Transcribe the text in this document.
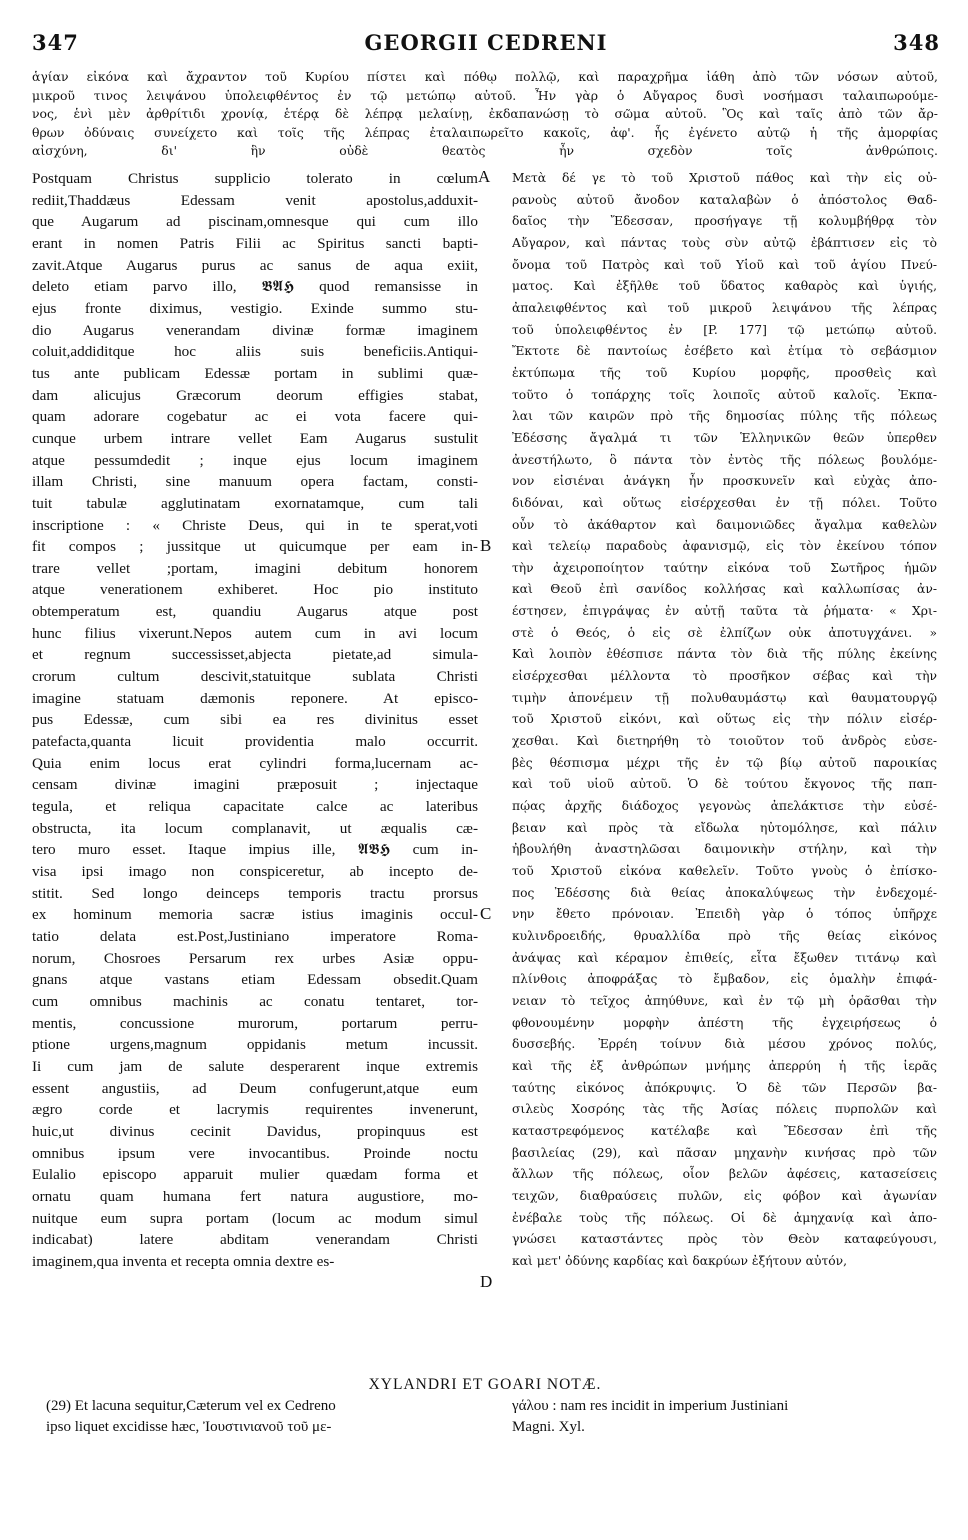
GEORGII CEDRENI
347	348
ἁγίαν εἰκόνα καὶ ἄχραντον τοῦ Κυρίου πίστει καὶ πόθῳ πολλῷ, καὶ παραχρῆμα ἰάθη ἀπὸ τῶν νόσων αὐτοῦ,
μικροῦ τινος λειψάνου ὑπολειφθέντος ἐν τῷ μετώπῳ αὐτοῦ. Ἦν γὰρ ὁ Αὔγαρος δυσὶ νοσήμασι ταλαιπωρούμε-
νος, ἑνὶ μὲν ἀρθρίτιδι χρονίᾳ, ἑτέρᾳ δὲ λέπρᾳ μελαίνῃ, ἐκδαπανώσῃ τὸ σῶμα αὐτοῦ. Ὃς καὶ ταῖς ἀπὸ τῶν ἄρ-
θρων ὀδύναις συνείχετο καὶ τοῖς τῆς λέπρας ἐταλαιπωρεῖτο κακοῖς, ἀφ'. ἧς ἐγένετο αὐτῷ ἡ τῆς ἀμορφίας
αἰσχύνη, δι' ἣν οὐδὲ θεατὸς ἦν σχεδὸν τοῖς ἀνθρώποις.
Postquam Christus supplicio tolerato in cœlum
rediit,Thaddæus Edessam venit apostolus,adduxit-
que Augarum ad piscinam,omnesque qui cum illo
erant in nomen Patris Filii ac Spiritus sancti bapti-
zavit.Atque Augarus purus ac sanus de aqua exiit,
deleto etiam parvo illo, 𝕭𝕬𝕳 quod remansisse in
ejus fronte diximus, vestigio. Exinde summo stu-
dio Augarus venerandam divinæ formæ imaginem
coluit,addiditque hoc aliis suis beneficiis.Antiqui-
tus ante publicam Edessæ portam in sublimi quæ-
dam alicujus Græcorum deorum effigies stabat,
quam adorare cogebatur ac ei vota facere qui-
cunque urbem intrare vellet Eam Augarus sustulit
atque pessumdedit ; inque ejus locum imaginem
illam Christi, sine manuum opera factam, consti-
tuit tabulæ agglutinatam exornatamque, cum tali
inscriptione : « Christe Deus, qui in te sperat,voti
fit compos ; jussitque ut quicumque per eam in-
trare vellet ;portam, imagini debitum honorem
atque venerationem exhiberet. Hoc pio instituto
obtemperatum est, quandiu Augarus atque post
hunc filius vixerunt.Nepos autem cum in avi locum
et regnum successisset,abjecta pietate,ad simula-
crorum cultum descivit,statuitque sublata Christi
imagine statuam dæmonis reponere. At episco-
pus Edessæ, cum sibi ea res divinitus esset
patefacta,quanta licuit providentia malo occurrit.
Quia enim locus erat cylindri forma,lucernam ac-
censam divinæ imagini præposuit ; injectaque
tegula, et reliqua capacitate calce ac lateribus
obstructa, ita locum complanavit, ut æqualis cæ-
tero muro esset. Itaque impius ille, 𝕬𝕭𝕳 cum in-
visa ipsi imago non conspiceretur, ab incepto de-
stitit. Sed longo deinceps temporis tractu prorsus
ex hominum memoria sacræ istius imaginis occul-
tatio delata est.Post,Justiniano imperatore Roma-
norum, Chosroes Persarum rex urbes Asiæ oppu-
gnans atque vastans etiam Edessam obsedit.Quam
cum omnibus machinis ac conatu tentaret, tor-
mentis, concussione murorum, portarum perru-
ptione urgens,magnum oppidanis metum incussit.
Ii cum jam de salute desperarent inque extremis
essent angustiis, ad Deum confugerunt,atque eum
ægro corde et lacrymis requirentes invenerunt,
huic,ut divinus cecinit Davidus, propinquus est
omnibus ipsum vere invocantibus. Proinde noctu
Eulalio episcopo apparuit mulier quædam forma et
ornatu quam humana fert natura augustiore, mo-
nuitque eum supra portam (locum ac modum simul
indicabat) latere abditam venerandam Christi
imaginem,qua inventa et recepta omnia dextre es-
Μετὰ δέ γε τὸ τοῦ Χριστοῦ πάθος καὶ τὴν εἰς οὐ-
ρανοὺς αὐτοῦ ἄνοδον καταλαβὼν ὁ ἀπόστολος Θαδ-
δαῖος τὴν Ἔδεσσαν, προσήγαγε τῇ κολυμβήθρᾳ τὸν
Αὔγαρον, καὶ πάντας τοὺς σὺν αὐτῷ ἐβάπτισεν εἰς τὸ
ὄνομα τοῦ Πατρὸς καὶ τοῦ Υἱοῦ καὶ τοῦ ἁγίου Πνεύ-
ματος. Καὶ ἐξῆλθε τοῦ ὕδατος καθαρὸς καὶ ὑγιής,
ἀπαλειφθέντος καὶ τοῦ μικροῦ λειψάνου τῆς λέπρας
τοῦ ὑπολειφθέντος ἐν [P. 177] τῷ μετώπῳ αὐτοῦ.
Ἔκτοτε δὲ παντοίως ἐσέβετο καὶ ἐτίμα τὸ σεβάσμιον
ἐκτύπωμα τῆς τοῦ Κυρίου μορφῆς, προσθεὶς καὶ
τοῦτο ὁ τοπάρχης τοῖς λοιποῖς αὐτοῦ καλοῖς. Ἐκπα-
λαι τῶν καιρῶν πρὸ τῆς δημοσίας πύλης τῆς πόλεως
Ἐδέσσης ἄγαλμά τι τῶν Ἑλληνικῶν θεῶν ὑπερθεν
ἀνεστήλωτο, ὃ πάντα τὸν ἐντὸς τῆς πόλεως βουλόμε-
νον εἰσιέναι ἀνάγκη ἦν προσκυνεῖν καὶ εὐχὰς ἀπο-
διδόναι, καὶ οὕτως εἰσέρχεσθαι ἐν τῇ πόλει. Τοῦτο
οὖν τὸ ἀκάθαρτον καὶ δαιμονιῶδες ἄγαλμα καθελὼν
καὶ τελείῳ παραδοὺς ἀφανισμῷ, εἰς τὸν ἐκείνου τόπον
τὴν ἀχειροποίητον ταύτην εἰκόνα τοῦ Σωτῆρος ἡμῶν
καὶ Θεοῦ ἐπὶ σανίδος κολλήσας καὶ καλλωπίσας ἀν-
έστησεν, ἐπιγράψας ἐν αὐτῇ ταῦτα τὰ ῥήματα· « Χρι-
στὲ ὁ Θεός, ὁ εἰς σὲ ἐλπίζων οὐκ ἀποτυγχάνει. »
Καὶ λοιπὸν ἐθέσπισε πάντα τὸν διὰ τῆς πύλης ἐκείνης
εἰσέρχεσθαι μέλλοντα τὸ προσῆκον σέβας καὶ τὴν
τιμὴν ἀπονέμειν τῇ πολυθαυμάστῳ καὶ θαυματουργῷ
τοῦ Χριστοῦ εἰκόνι, καὶ οὕτως εἰς τὴν πόλιν εἰσέρ-
χεσθαι. Καὶ διετηρήθη τὸ τοιοῦτον τοῦ ἀνδρὸς εὐσε-
βὲς θέσπισμα μέχρι τῆς ἐν τῷ βίῳ αὐτοῦ παροικίας
καὶ τοῦ υἱοῦ αὐτοῦ. Ὁ δὲ τούτου ἔκγονος τῆς παπ-
πῴας ἀρχῆς διάδοχος γεγονὼς ἀπελάκτισε τὴν εὐσέ-
βειαν καὶ πρὸς τὰ εἴδωλα ηὐτομόλησε, καὶ πάλιν
ἠβουλήθη ἀναστηλῶσαι δαιμονικὴν στήλην, καὶ τὴν
τοῦ Χριστοῦ εἰκόνα καθελεῖν. Τοῦτο γνοὺς ὁ ἐπίσκο-
πος Ἐδέσσης διὰ θείας ἀποκαλύψεως τὴν ἐνδεχομέ-
νην ἔθετο πρόνοιαν. Ἐπειδὴ γὰρ ὁ τόπος ὑπῆρχε
κυλινδροειδής, θρυαλλίδα πρὸ τῆς θείας εἰκόνος
ἀνάψας καὶ κέραμον ἐπιθείς, εἶτα ἔξωθεν τιτάνῳ καὶ
πλίνθοις ἀποφράξας τὸ ἔμβαδον, εἰς ὁμαλὴν ἐπιφά-
νειαν τὸ τεῖχος ἀπηύθυνε, καὶ ἐν τῷ μὴ ὁρᾶσθαι τὴν
φθονουμένην μορφὴν ἀπέστη τῆς ἐγχειρήσεως ὁ
δυσσεβής. Ἐρρέη τοίνυν διὰ μέσου χρόνος πολύς,
καὶ τῆς ἐξ ἀνθρώπων μνήμης ἀπερρύη ἡ τῆς ἱερᾶς
ταύτης εἰκόνος ἀπόκρυψις. Ὁ δὲ τῶν Περσῶν βα-
σιλεὺς Χοσρόης τὰς τῆς Ἀσίας πόλεις πυρπολῶν καὶ
καταστρεφόμενος κατέλαβε καὶ Ἔδεσσαν ἐπὶ τῆς
βασιλείας (29), καὶ πᾶσαν μηχανὴν κινήσας πρὸ τῶν
ἄλλων τῆς πόλεως, οἷον βελῶν ἀφέσεις, κατασείσεις
τειχῶν, διαθραύσεις πυλῶν, εἰς φόβον καὶ ἀγωνίαν
ἐνέβαλε τοὺς τῆς πόλεως. Οἱ δὲ ἀμηχανίᾳ καὶ ἀπο-
γνώσει καταστάντες πρὸς τὸν Θεὸν καταφεύγουσι,
καὶ μετ' ὀδύνης καρδίας καὶ δακρύων ἐξήτουν αὐτόν,
A
B
C
D
XYLANDRI ET GOARI NOTÆ.
(29) Et lacuna sequitur,Cæterum vel ex Cedreno
ipso liquet excidisse hæc, Ἰουστινιανοῦ τοῦ με-
γάλου : nam res incidit in imperium Justiniani
Magni. Xyl.
